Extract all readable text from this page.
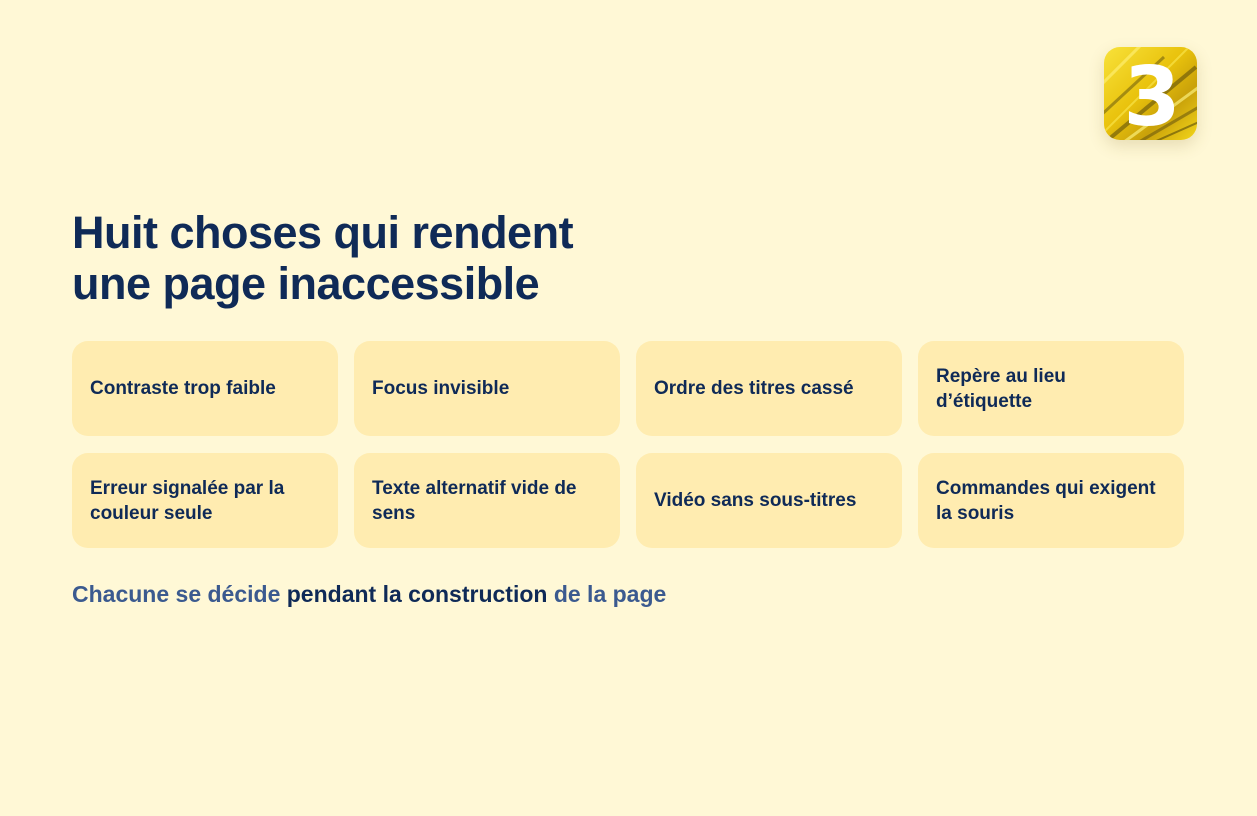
3
Huit choses qui rendent
une page inaccessible
Contraste trop faible	Focus invisible	Ordre des titres cassé
Repère au lieu d’étiquette
Erreur signalée par la couleur seule
Texte alternatif vide de sens
Vidéo sans sous-titres
Commandes qui exigent la souris

Chacune se décide pendant la construction de la page
